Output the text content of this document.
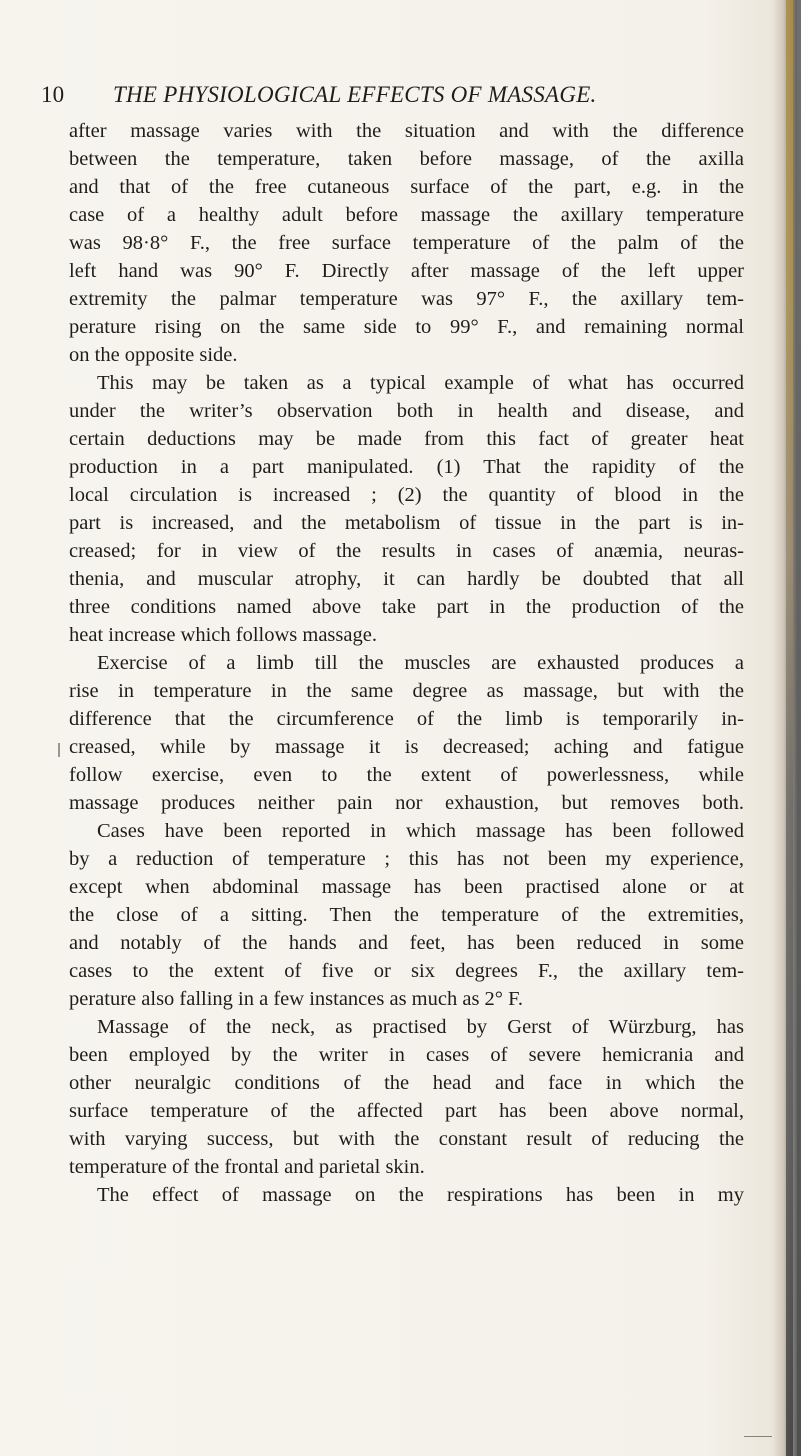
10 THE PHYSIOLOGICAL EFFECTS OF MASSAGE.
after massage varies with the situation and with the difference
between the temperature, taken before massage, of the axilla
and that of the free cutaneous surface of the part, e.g. in the
case of a healthy adult before massage the axillary temperature
was 98·8° F., the free surface temperature of the palm of the
left hand was 90° F. Directly after massage of the left upper
extremity the palmar temperature was 97° F., the axillary tem-
perature rising on the same side to 99° F., and remaining normal
on the opposite side.
This may be taken as a typical example of what has occurred
under the writer’s observation both in health and disease, and
certain deductions may be made from this fact of greater heat
production in a part manipulated. (1) That the rapidity of the
local circulation is increased ; (2) the quantity of blood in the
part is increased, and the metabolism of tissue in the part is in-
creased; for in view of the results in cases of anæmia, neuras-
thenia, and muscular atrophy, it can hardly be doubted that all
three conditions named above take part in the production of the
heat increase which follows massage.
Exercise of a limb till the muscles are exhausted produces a
rise in temperature in the same degree as massage, but with the
difference that the circumference of the limb is temporarily in-
creased, while by massage it is decreased; aching and fatigue
follow exercise, even to the extent of powerlessness, while
massage produces neither pain nor exhaustion, but removes both.
Cases have been reported in which massage has been followed
by a reduction of temperature ; this has not been my experience,
except when abdominal massage has been practised alone or at
the close of a sitting. Then the temperature of the extremities,
and notably of the hands and feet, has been reduced in some
cases to the extent of five or six degrees F., the axillary tem-
perature also falling in a few instances as much as 2° F.
Massage of the neck, as practised by Gerst of Würzburg, has
been employed by the writer in cases of severe hemicrania and
other neuralgic conditions of the head and face in which the
surface temperature of the affected part has been above normal,
with varying success, but with the constant result of reducing the
temperature of the frontal and parietal skin.
The effect of massage on the respirations has been in my
